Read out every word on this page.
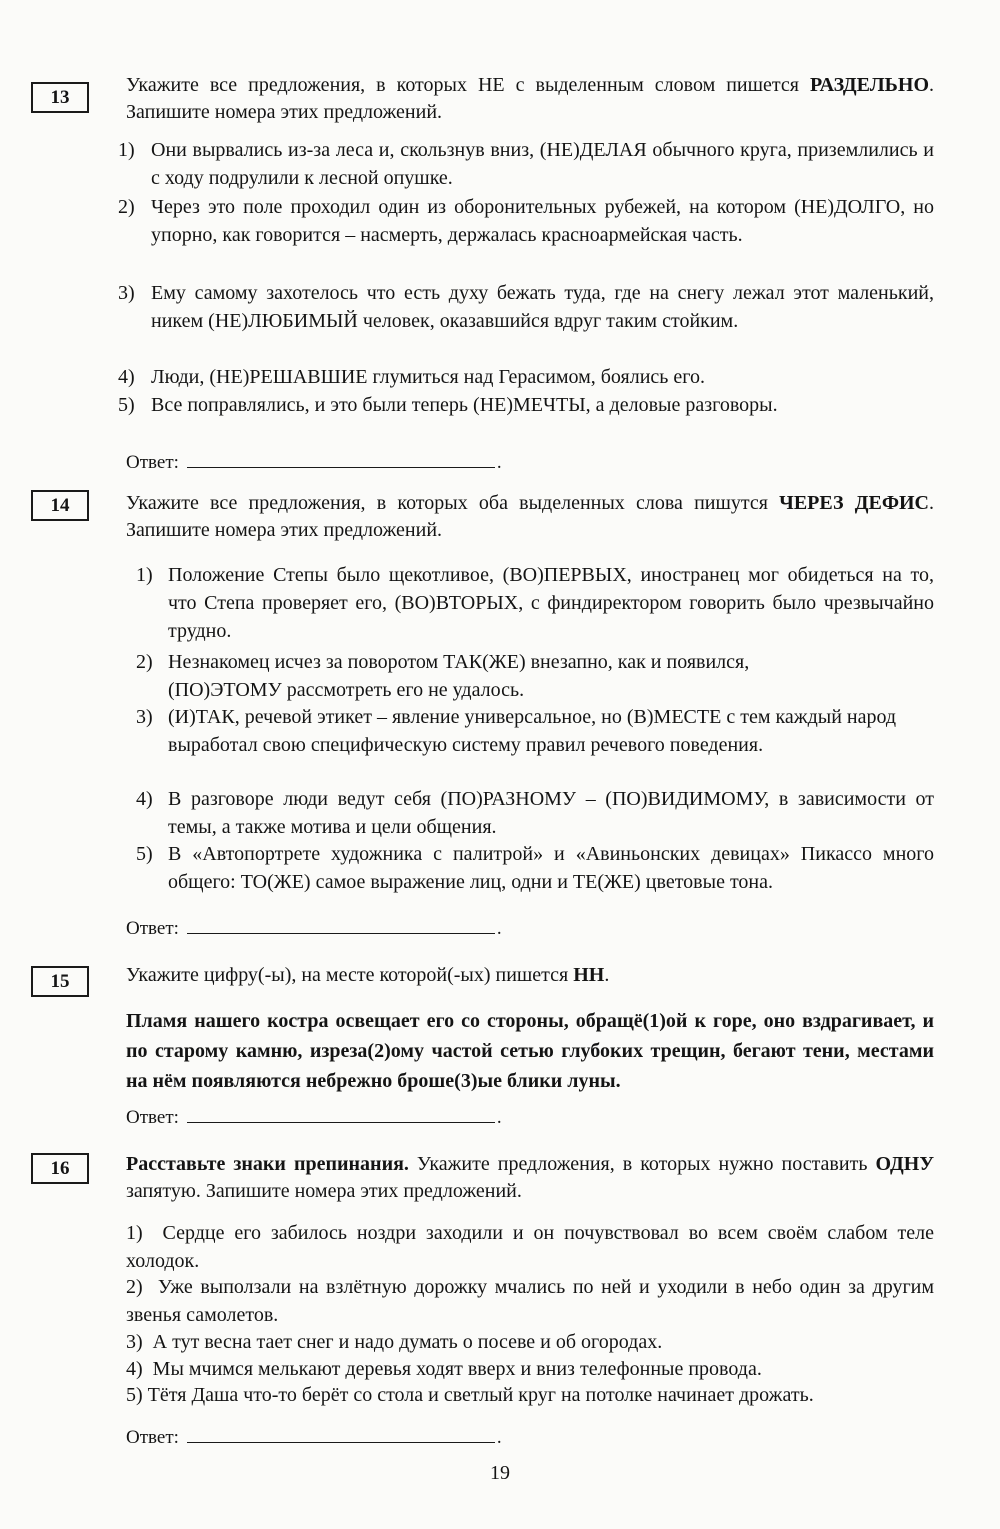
13
Укажите все предложения, в которых НЕ с выделенным словом пишется РАЗДЕЛЬНО. Запишите номера этих предложений.
1) Они вырвались из-за леса и, скользнув вниз, (НЕ)ДЕЛАЯ обычного круга, приземлились и с ходу подрулили к лесной опушке.
2) Через это поле проходил один из оборонительных рубежей, на котором (НЕ)ДОЛГО, но упорно, как говорится – насмерть, держалась красноармейская часть.
3) Ему самому захотелось что есть духу бежать туда, где на снегу лежал этот маленький, никем (НЕ)ЛЮБИМЫЙ человек, оказавшийся вдруг таким стойким.
4) Люди, (НЕ)РЕШАВШИЕ глумиться над Герасимом, боялись его.
5) Все поправлялись, и это были теперь (НЕ)МЕЧТЫ, а деловые разговоры.
Ответ:	.
14	Укажите все предложения, в которых оба выделенных слова пишутся ЧЕРЕЗ ДЕФИС. Запишите номера этих предложений.
1) Положение Степы было щекотливое, (ВО)ПЕРВЫХ, иностранец мог обидеться на то, что Степа проверяет его, (ВО)ВТОРЫХ, с финдиректором говорить было чрезвычайно трудно.
2) Незнакомец исчез за поворотом ТАК(ЖЕ) внезапно, как и появился, (ПО)ЭТОМУ рассмотреть его не удалось.
3) (И)ТАК, речевой этикет – явление универсальное, но (В)МЕСТЕ с тем каждый народ выработал свою специфическую систему правил речевого поведения.
4) В разговоре люди ведут себя (ПО)РАЗНОМУ – (ПО)ВИДИМОМУ, в зависимости от темы, а также мотива и цели общения.
5) В «Автопортрете художника с палитрой» и «Авиньонских девицах» Пикассо много общего: ТО(ЖЕ) самое выражение лиц, одни и ТЕ(ЖЕ) цветовые тона.
Ответ:	.
15	Укажите цифру(-ы), на месте которой(-ых) пишется НН.
Пламя нашего костра освещает его со стороны, обращё(1)ой к горе, оно вздрагивает, и по старому камню, изреза(2)ому частой сетью глубоких трещин, бегают тени, местами на нём появляются небрежно броше(3)ые блики луны.
Ответ:	.
16	Расставьте знаки препинания. Укажите предложения, в которых нужно поставить ОДНУ запятую. Запишите номера этих предложений.
1) Сердце его забилось ноздри заходили и он почувствовал во всем своём слабом теле холодок.
2) Уже выползали на взлётную дорожку мчались по ней и уходили в небо один за другим звенья самолетов.
3) А тут весна тает снег и надо думать о посеве и об огородах.
4) Мы мчимся мелькают деревья ходят вверх и вниз телефонные провода.
5) Тётя Даша что-то берёт со стола и светлый круг на потолке начинает дрожать.
Ответ:	.
19
